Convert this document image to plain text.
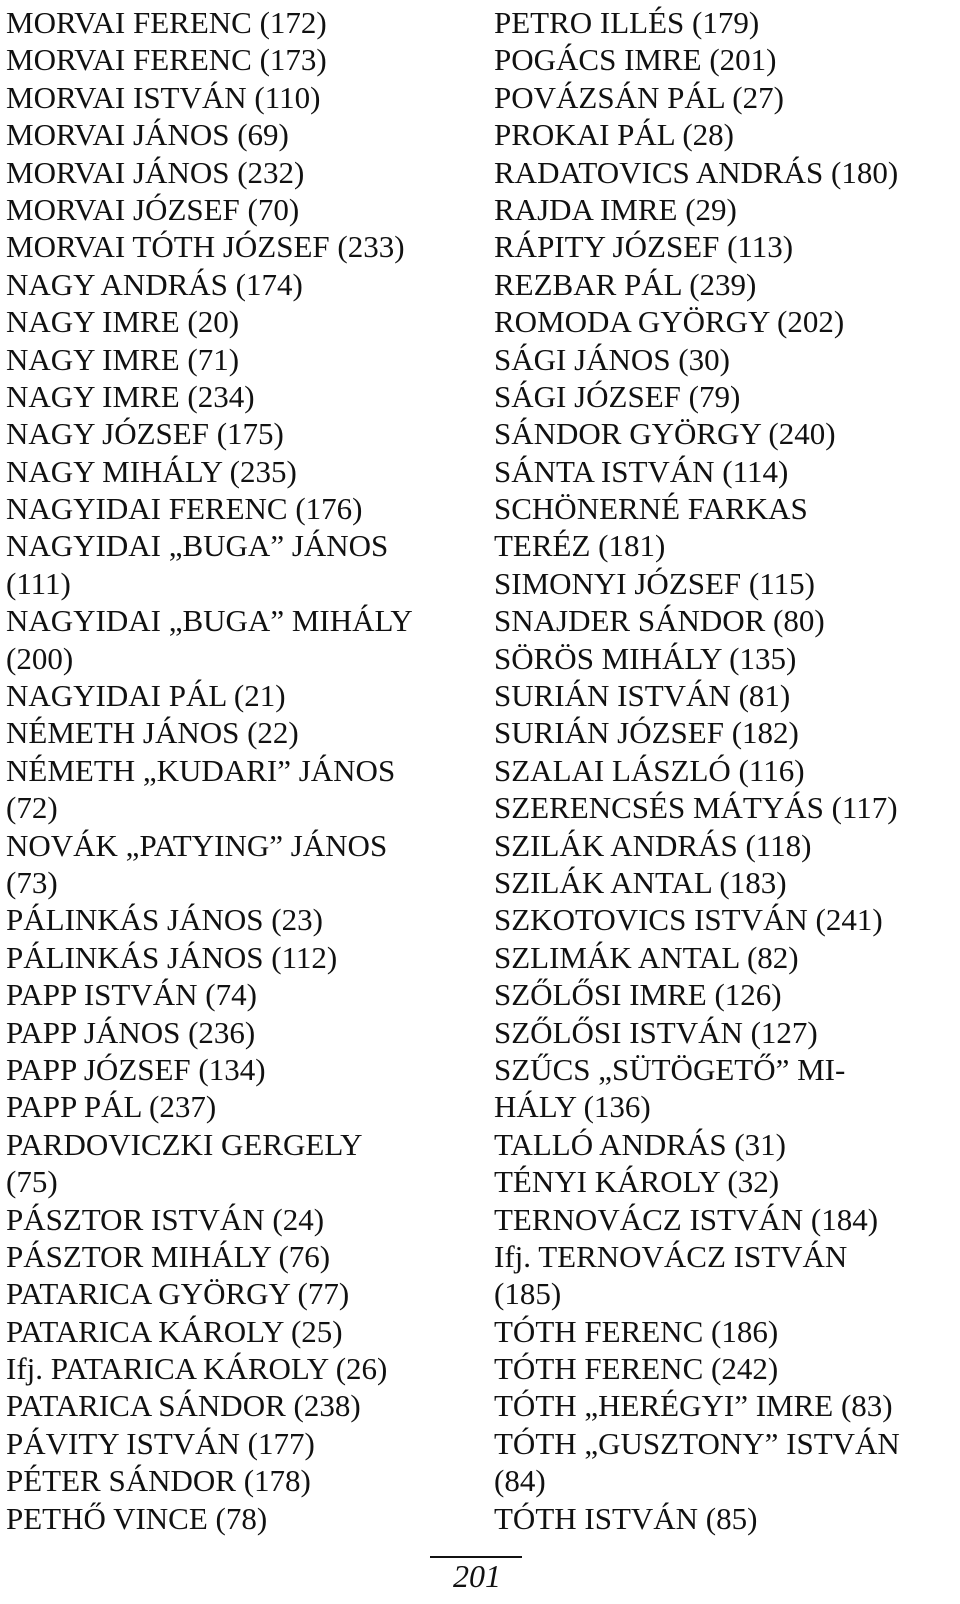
MORVAI FERENC (172)
MORVAI FERENC (173)
MORVAI ISTVÁN (110)
MORVAI JÁNOS (69)
MORVAI JÁNOS (232)
MORVAI JÓZSEF (70)
MORVAI TÓTH JÓZSEF (233)
NAGY ANDRÁS (174)
NAGY IMRE (20)
NAGY IMRE (71)
NAGY IMRE (234)
NAGY JÓZSEF (175)
NAGY MIHÁLY (235)
NAGYIDAI FERENC (176)
NAGYIDAI „BUGA” JÁNOS
(111)
NAGYIDAI „BUGA” MIHÁLY
(200)
NAGYIDAI PÁL (21)
NÉMETH JÁNOS (22)
NÉMETH „KUDARI” JÁNOS
(72)
NOVÁK „PATYING” JÁNOS
(73)
PÁLINKÁS JÁNOS (23)
PÁLINKÁS JÁNOS (112)
PAPP ISTVÁN (74)
PAPP JÁNOS (236)
PAPP JÓZSEF (134)
PAPP PÁL (237)
PARDOVICZKI GERGELY
(75)
PÁSZTOR ISTVÁN (24)
PÁSZTOR MIHÁLY (76)
PATARICA GYÖRGY (77)
PATARICA KÁROLY (25)
Ifj. PATARICA KÁROLY (26)
PATARICA SÁNDOR (238)
PÁVITY ISTVÁN (177)
PÉTER SÁNDOR (178)
PETHŐ VINCE (78)
PETRO ILLÉS (179)
POGÁCS IMRE (201)
POVÁZSÁN PÁL (27)
PROKAI PÁL (28)
RADATOVICS ANDRÁS (180)
RAJDA IMRE (29)
RÁPITY JÓZSEF (113)
REZBAR PÁL (239)
ROMODA GYÖRGY (202)
SÁGI JÁNOS (30)
SÁGI JÓZSEF (79)
SÁNDOR GYÖRGY (240)
SÁNTA ISTVÁN (114)
SCHÖNERNÉ FARKAS
TERÉZ (181)
SIMONYI JÓZSEF (115)
SNAJDER SÁNDOR (80)
SÖRÖS MIHÁLY (135)
SURIÁN ISTVÁN (81)
SURIÁN JÓZSEF (182)
SZALAI LÁSZLÓ (116)
SZERENCSÉS MÁTYÁS (117)
SZILÁK ANDRÁS (118)
SZILÁK ANTAL (183)
SZKOTOVICS ISTVÁN (241)
SZLIMÁK ANTAL (82)
SZŐLŐSI IMRE (126)
SZŐLŐSI ISTVÁN (127)
SZŰCS „SÜTÖGETŐ” MI-
HÁLY (136)
TALLÓ ANDRÁS (31)
TÉNYI KÁROLY (32)
TERNOVÁCZ ISTVÁN (184)
Ifj. TERNOVÁCZ ISTVÁN
(185)
TÓTH FERENC (186)
TÓTH FERENC (242)
TÓTH „HERÉGYI” IMRE (83)
TÓTH „GUSZTONY” ISTVÁN
(84)
TÓTH ISTVÁN (85)
201
